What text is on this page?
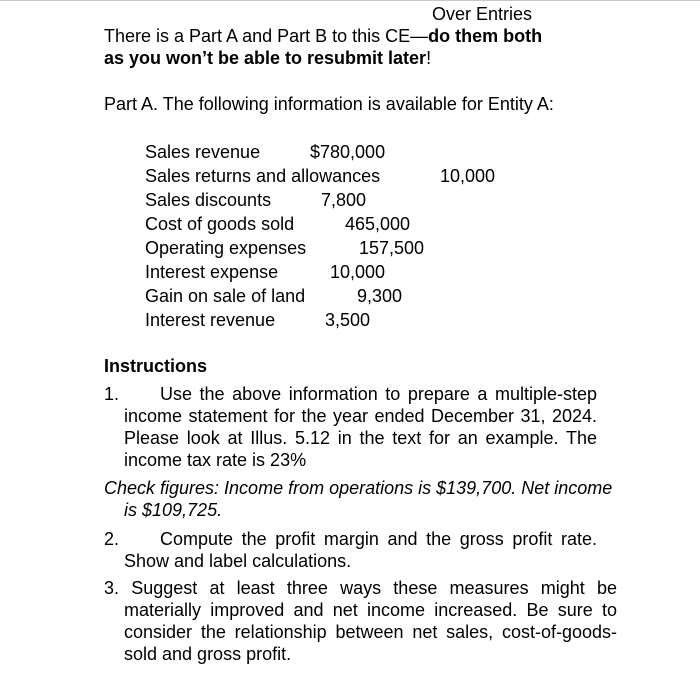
Over Entries
There is a Part A and Part B to this CE—do them both
as you won’t be able to resubmit later!
Part A. The following information is available for Entity A:
Sales revenue	$780,000
Sales returns and allowances	10,000
Sales discounts	7,800
Cost of goods sold	465,000
Operating expenses	157,500
Interest expense	10,000
Gain on sale of land	9,300
Interest revenue	3,500
Instructions
1.	Use the above information to prepare a multiple-step income statement for the year ended December 31, 2024. Please look at Illus. 5.12 in the text for an example. The income tax rate is 23%
Check figures: Income from operations is $139,700. Net income is $109,725.
2.	Compute the profit margin and the gross profit rate. Show and label calculations.
3. Suggest at least three ways these measures might be materially improved and net income increased. Be sure to consider the relationship between net sales, cost-of-goods-sold and gross profit.
